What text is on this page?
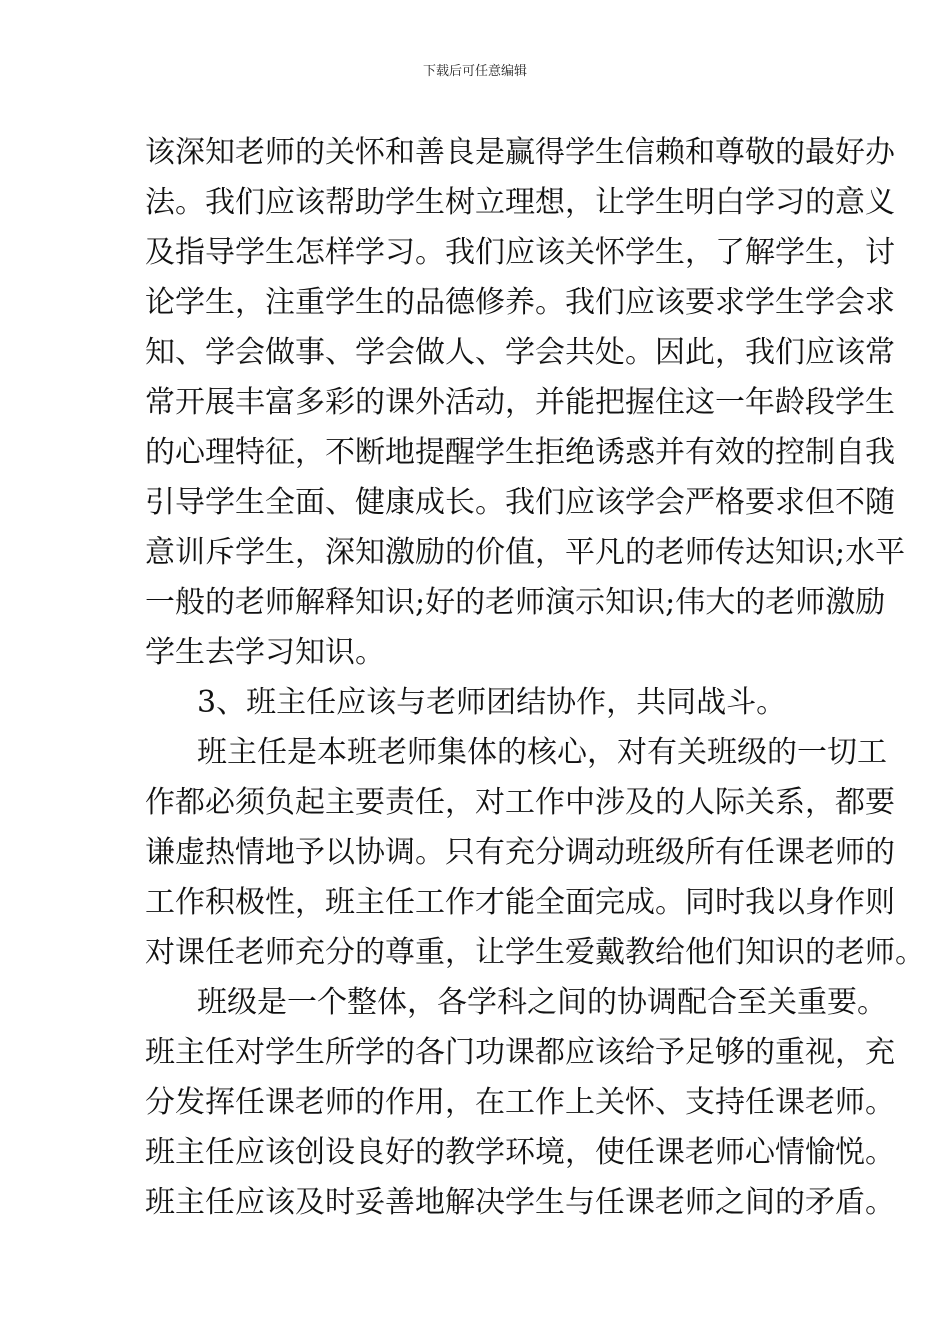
下载后可任意编辑
该深知老师的关怀和善良是赢得学生信赖和尊敬的最好办
法。我们应该帮助学生树立理想，让学生明白学习的意义
及指导学生怎样学习。我们应该关怀学生，了解学生，讨
论学生，注重学生的品德修养。我们应该要求学生学会求
知、学会做事、学会做人、学会共处。因此，我们应该常
常开展丰富多彩的课外活动，并能把握住这一年龄段学生
的心理特征，不断地提醒学生拒绝诱惑并有效的控制自我
引导学生全面、健康成长。我们应该学会严格要求但不随
意训斥学生，深知激励的价值，平凡的老师传达知识;水平
一般的老师解释知识;好的老师演示知识;伟大的老师激励
学生去学习知识。
3、班主任应该与老师团结协作，共同战斗。
班主任是本班老师集体的核心，对有关班级的一切工
作都必须负起主要责任，对工作中涉及的人际关系，都要
谦虚热情地予以协调。只有充分调动班级所有任课老师的
工作积极性，班主任工作才能全面完成。同时我以身作则
对课任老师充分的尊重，让学生爱戴教给他们知识的老师。
班级是一个整体，各学科之间的协调配合至关重要。
班主任对学生所学的各门功课都应该给予足够的重视，充
分发挥任课老师的作用，在工作上关怀、支持任课老师。
班主任应该创设良好的教学环境，使任课老师心情愉悦。
班主任应该及时妥善地解决学生与任课老师之间的矛盾。
